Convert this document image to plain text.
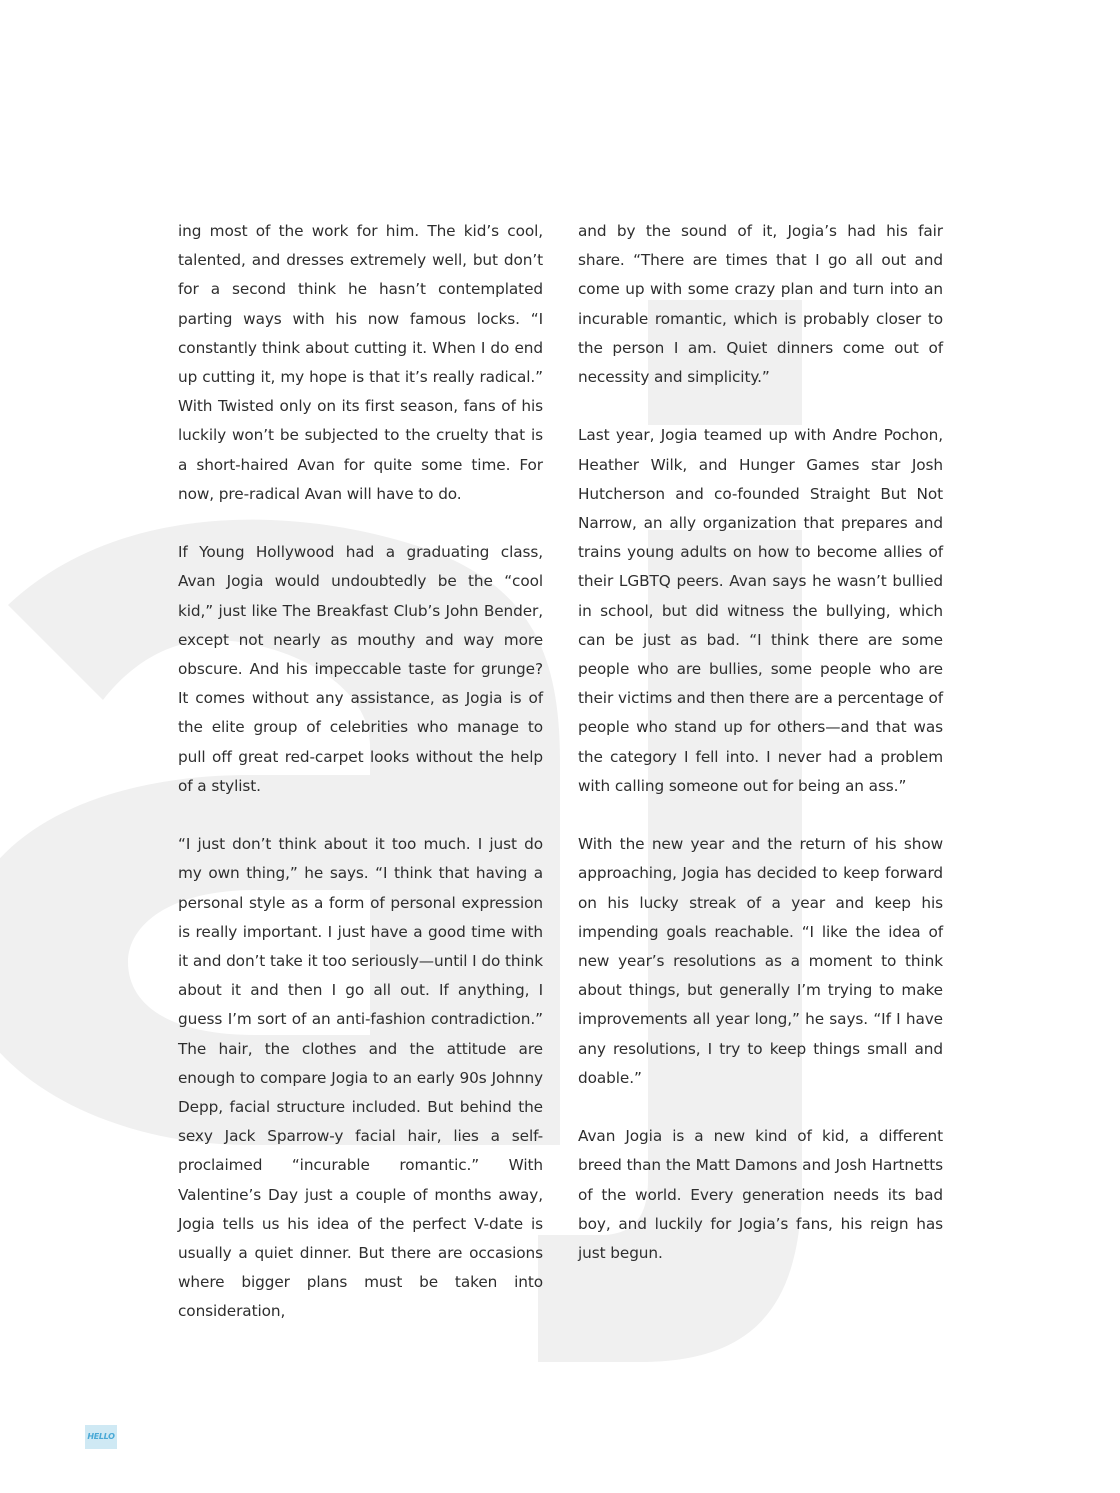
ing most of the work for him. The kid’s cool, talented, and dresses extremely well, but don’t for a second think he hasn’t contemplated parting ways with his now famous locks. “I constantly think about cutting it. When I do end up cutting it, my hope is that it’s really radical.” With Twisted only on its first season, fans of his luckily won’t be subjected to the cruelty that is a short-haired Avan for quite some time. For now, pre-radical Avan will have to do.

If Young Hollywood had a graduating class, Avan Jogia would undoubtedly be the “cool kid,” just like The Breakfast Club’s John Bender, except not nearly as mouthy and way more obscure. And his impeccable taste for grunge? It comes without any assistance, as Jogia is of the elite group of celebrities who manage to pull off great red-carpet looks without the help of a stylist.

“I just don’t think about it too much. I just do my own thing,” he says. “I think that having a personal style as a form of personal expression is really important. I just have a good time with it and don’t take it too seriously—until I do think about it and then I go all out. If anything, I guess I’m sort of an anti-fashion contradiction.” The hair, the clothes and the attitude are enough to compare Jogia to an early 90s Johnny Depp, facial structure included. But behind the sexy Jack Sparrow-y facial hair, lies a self-proclaimed “incurable romantic.” With Valentine’s Day just a couple of months away, Jogia tells us his idea of the perfect V-date is usually a quiet dinner. But there are occasions where bigger plans must be taken into consideration,

and by the sound of it, Jogia’s had his fair share. “There are times that I go all out and come up with some crazy plan and turn into an incurable romantic, which is probably closer to the person I am. Quiet dinners come out of necessity and simplicity.”

Last year, Jogia teamed up with Andre Pochon, Heather Wilk, and Hunger Games star Josh Hutcherson and co-founded Straight But Not Narrow, an ally organization that prepares and trains young adults on how to become allies of their LGBTQ peers. Avan says he wasn’t bullied in school, but did witness the bullying, which can be just as bad. “I think there are some people who are bullies, some people who are their victims and then there are a percentage of people who stand up for others—and that was the category I fell into. I never had a problem with calling someone out for being an ass.”

With the new year and the return of his show approaching, Jogia has decided to keep forward on his lucky streak of a year and keep his impending goals reachable. “I like the idea of new year’s resolutions as a moment to think about things, but generally I’m trying to make improvements all year long,” he says. “If I have any resolutions, I try to keep things small and doable.”

Avan Jogia is a new kind of kid, a different breed than the Matt Damons and Josh Hartnetts of the world. Every generation needs its bad boy, and luckily for Jogia’s fans, his reign has just begun.

HELLO
